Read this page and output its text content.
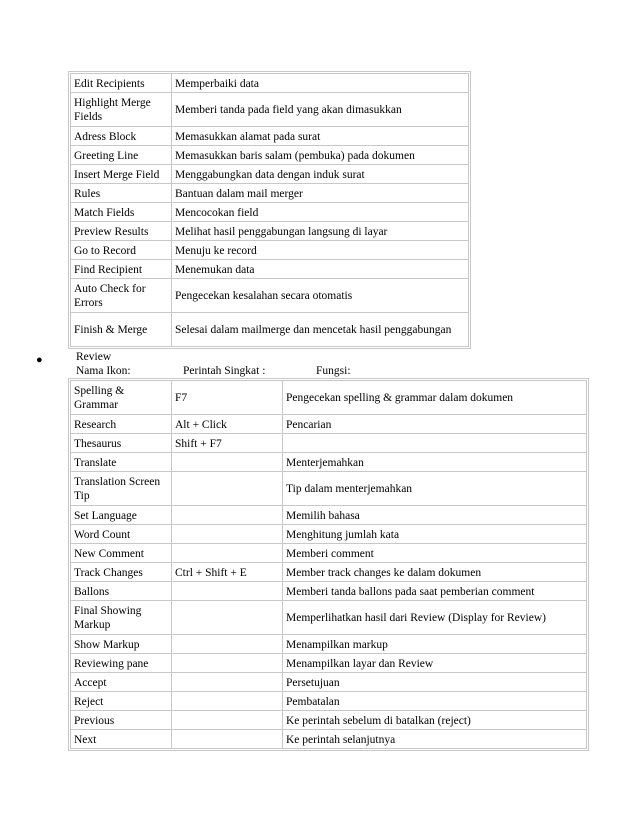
Edit Recipients	Memperbaiki data
Highlight Merge Fields	Memberi tanda pada field yang akan dimasukkan
Adress Block	Memasukkan alamat pada surat
Greeting Line	Memasukkan baris salam (pembuka) pada dokumen
Insert Merge Field	Menggabungkan data dengan induk surat
Rules	Bantuan dalam mail merger
Match Fields	Mencocokan field
Preview Results	Melihat hasil penggabungan langsung di layar
Go to Record	Menuju ke record
Find Recipient	Menemukan data
Auto Check for Errors	Pengecekan kesalahan secara otomatis
Finish & Merge	Selesai dalam mailmerge dan mencetak hasil penggabungan
●	Review
Nama Ikon:	Perintah Singkat :	Fungsi:
Spelling & Grammar	F7	Pengecekan spelling & grammar dalam dokumen
Research	Alt + Click	Pencarian
Thesaurus	Shift + F7	
Translate		Menterjemahkan
Translation Screen Tip		Tip dalam menterjemahkan
Set Language		Memilih bahasa
Word Count		Menghitung jumlah kata
New Comment		Memberi comment
Track Changes	Ctrl + Shift + E	Member track changes ke dalam dokumen
Ballons		Memberi tanda ballons pada saat pemberian comment
Final Showing Markup		Memperlihatkan hasil dari Review (Display for Review)
Show Markup		Menampilkan markup
Reviewing pane		Menampilkan layar dan Review
Accept		Persetujuan
Reject		Pembatalan
Previous		Ke perintah sebelum di batalkan (reject)
Next		Ke perintah selanjutnya
